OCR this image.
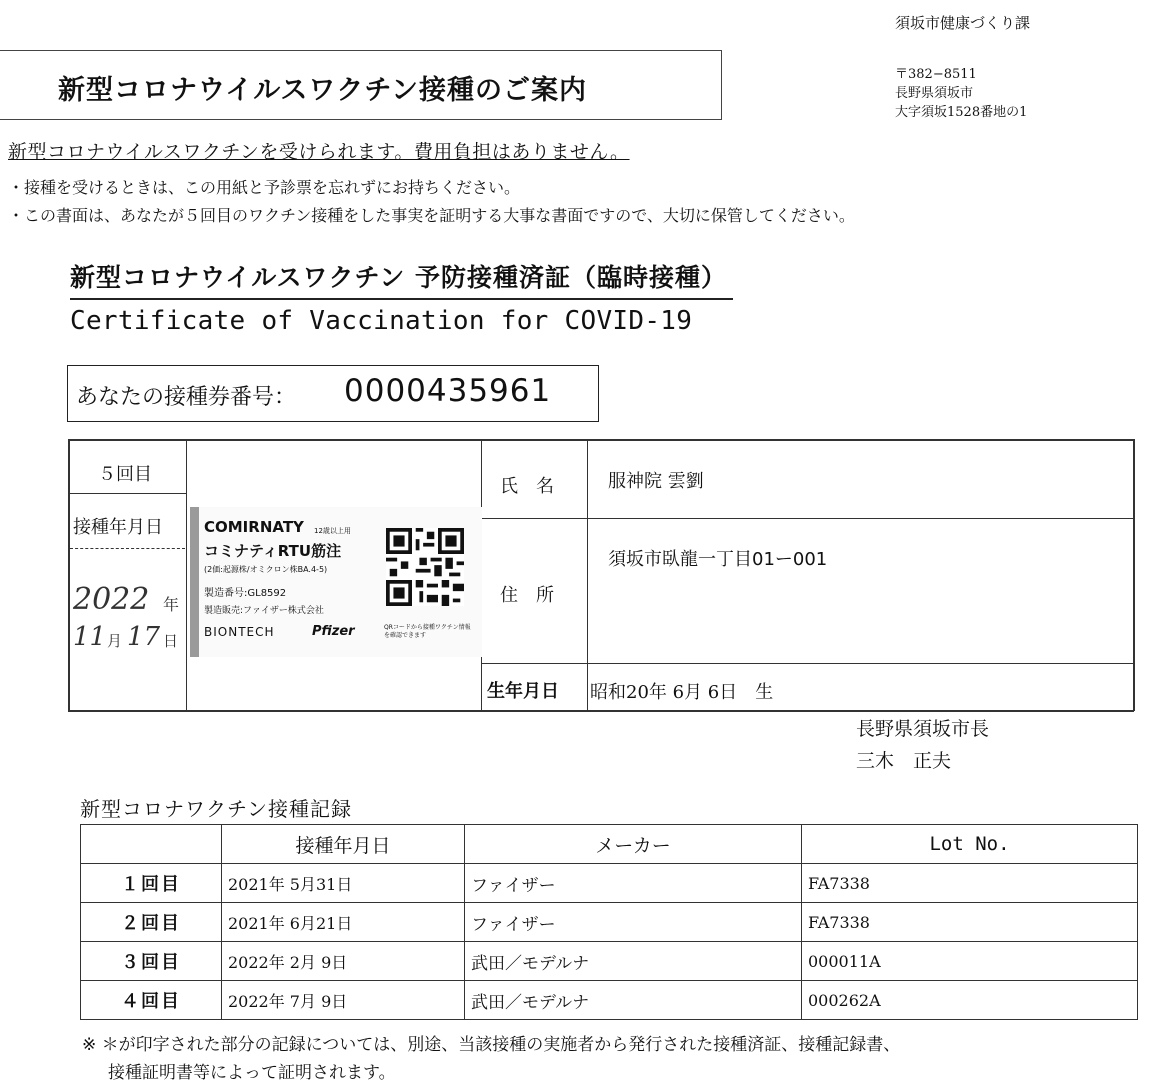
須坂市健康づくり課
新型コロナウイルスワクチン接種のご案内
〒382−8511
長野県須坂市
大字須坂1528番地の1
新型コロナウイルスワクチンを受けられます。費用負担はありません。
・接種を受けるときは、この用紙と予診票を忘れずにお持ちください。
・この書面は、あなたが５回目のワクチン接種をした事実を証明する大事な書面ですので、大切に保管してください。
新型コロナウイルスワクチン 予防接種済証（臨時接種）
Certificate of Vaccination for COVID-19
あなたの接種券番号： 0000435961
５回目
接種年月日
氏　名	服神院 雲劉
住　所
須坂市臥龍一丁目01ー001
生年月日 昭和20年 6月 6日　生
2022 年
11 月 17 日
COMIRNATY 12歳以上用
コミナティRTU筋注
(2価:起源株/オミクロン株BA.4-5)
製造番号:GL8592
製造販売:ファイザー株式会社
BIONTECH	Pfizer	QRコードから接種ワクチン情報
を確認できます
長野県須坂市長
三木　正夫
新型コロナワクチン接種記録
	接種年月日	メーカー	Lot No.
１回目	2021年 5月31日	ファイザー	FA7338
２回目	2021年 6月21日	ファイザー	FA7338
３回目	2022年 2月 9日	武田／モデルナ	000011A
４回目	2022年 7月 9日	武田／モデルナ	000262A
※ ＊が印字された部分の記録については、別途、当該接種の実施者から発行された接種済証、接種記録書、
接種証明書等によって証明されます。
